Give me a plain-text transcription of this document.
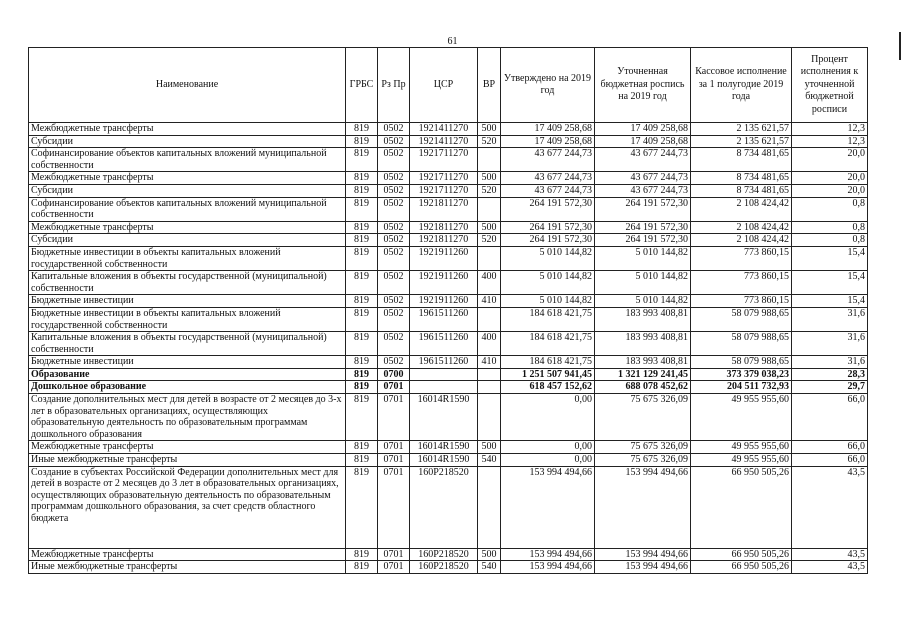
61
Наименование	ГРБС	Рз Пр	ЦСР	ВР	Утверждено на 2019 год	Уточненная бюджетная роспись на 2019 год	Кассовое исполнение за 1 полугодие 2019 года	Процент исполнения к уточненной бюджетной росписи
Межбюджетные трансферты	819	0502	1921411270	500	17 409 258,68	17 409 258,68	2 135 621,57	12,3
Субсидии	819	0502	1921411270	520	17 409 258,68	17 409 258,68	2 135 621,57	12,3
Софинансирование объектов капитальных вложений муниципальной собственности	819	0502	1921711270		43 677 244,73	43 677 244,73	8 734 481,65	20,0
Межбюджетные трансферты	819	0502	1921711270	500	43 677 244,73	43 677 244,73	8 734 481,65	20,0
Субсидии	819	0502	1921711270	520	43 677 244,73	43 677 244,73	8 734 481,65	20,0
Софинансирование объектов капитальных вложений муниципальной собственности	819	0502	1921811270		264 191 572,30	264 191 572,30	2 108 424,42	0,8
Межбюджетные трансферты	819	0502	1921811270	500	264 191 572,30	264 191 572,30	2 108 424,42	0,8
Субсидии	819	0502	1921811270	520	264 191 572,30	264 191 572,30	2 108 424,42	0,8
Бюджетные инвестиции в объекты капитальных вложений государственной собственности	819	0502	1921911260		5 010 144,82	5 010 144,82	773 860,15	15,4
Капитальные вложения в объекты государственной (муниципальной) собственности	819	0502	1921911260	400	5 010 144,82	5 010 144,82	773 860,15	15,4
Бюджетные инвестиции	819	0502	1921911260	410	5 010 144,82	5 010 144,82	773 860,15	15,4
Бюджетные инвестиции в объекты капитальных вложений государственной собственности	819	0502	1961511260		184 618 421,75	183 993 408,81	58 079 988,65	31,6
Капитальные вложения в объекты государственной (муниципальной) собственности	819	0502	1961511260	400	184 618 421,75	183 993 408,81	58 079 988,65	31,6
Бюджетные инвестиции	819	0502	1961511260	410	184 618 421,75	183 993 408,81	58 079 988,65	31,6
Образование	819	0700			1 251 507 941,45	1 321 129 241,45	373 379 038,23	28,3
Дошкольное образование	819	0701			618 457 152,62	688 078 452,62	204 511 732,93	29,7
Создание дополнительных мест для детей в возрасте от 2 месяцев до 3-х лет в образовательных организациях, осуществляющих образовательную деятельность по образовательным программам дошкольного образования	819	0701	16014R1590		0,00	75 675 326,09	49 955 955,60	66,0
Межбюджетные трансферты	819	0701	16014R1590	500	0,00	75 675 326,09	49 955 955,60	66,0
Иные межбюджетные трансферты	819	0701	16014R1590	540	0,00	75 675 326,09	49 955 955,60	66,0
Создание в субъектах Российской Федерации дополнительных мест для детей в возрасте от 2 месяцев до 3 лет в образовательных организациях, осуществляющих образовательную деятельность по образовательным программам дошкольного образования, за счет средств областного бюджета	819	0701	160P218520		153 994 494,66	153 994 494,66	66 950 505,26	43,5
Межбюджетные трансферты	819	0701	160P218520	500	153 994 494,66	153 994 494,66	66 950 505,26	43,5
Иные межбюджетные трансферты	819	0701	160P218520	540	153 994 494,66	153 994 494,66	66 950 505,26	43,5
